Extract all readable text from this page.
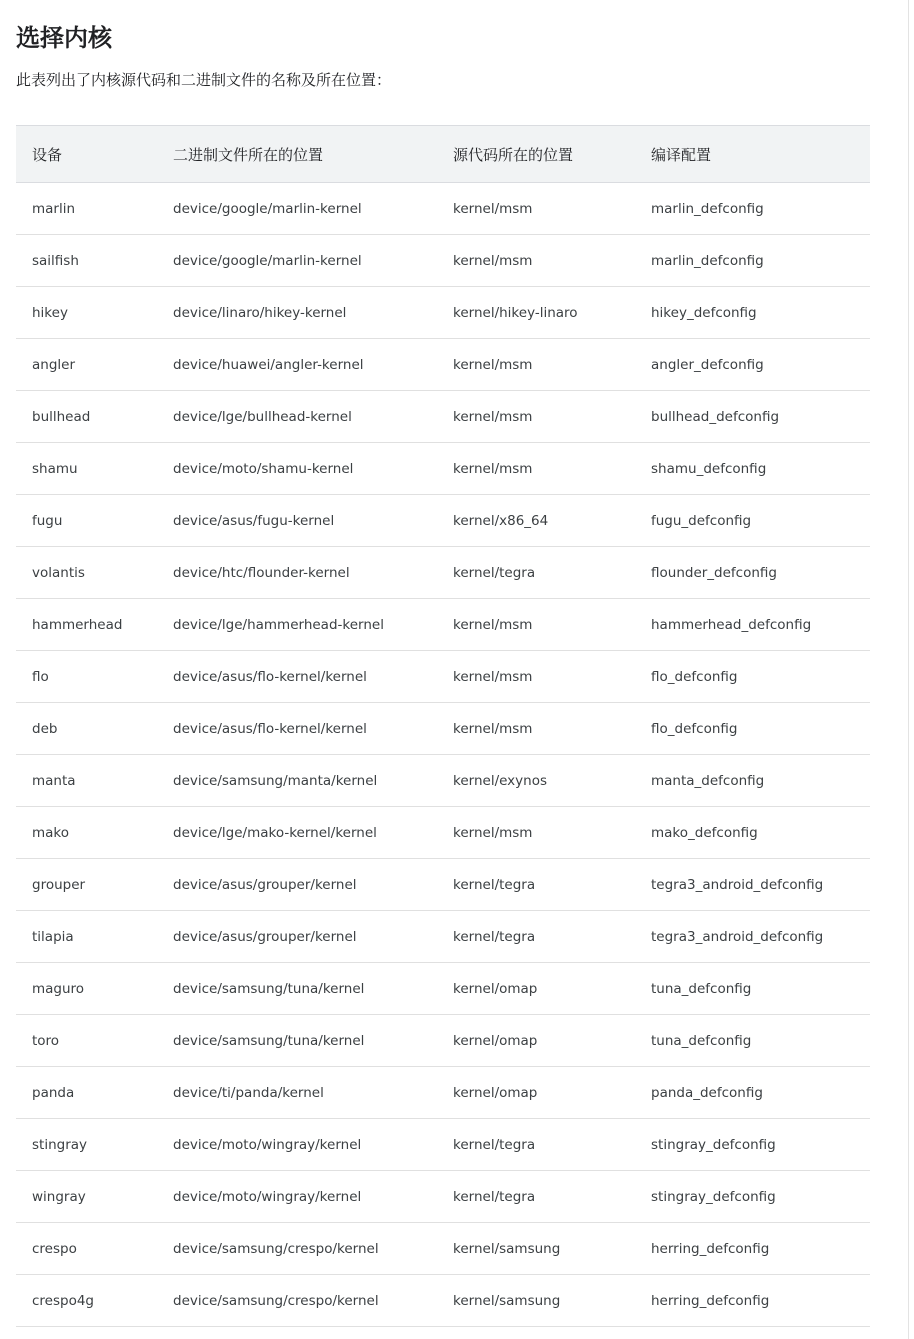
选择内核

此表列出了内核源代码和二进制文件的名称及所在位置：

设备	二进制文件所在的位置	源代码所在的位置	编译配置
marlin	device/google/marlin-kernel	kernel/msm	marlin_defconfig
sailfish	device/google/marlin-kernel	kernel/msm	marlin_defconfig
hikey	device/linaro/hikey-kernel	kernel/hikey-linaro	hikey_defconfig
angler	device/huawei/angler-kernel	kernel/msm	angler_defconfig
bullhead	device/lge/bullhead-kernel	kernel/msm	bullhead_defconfig
shamu	device/moto/shamu-kernel	kernel/msm	shamu_defconfig
fugu	device/asus/fugu-kernel	kernel/x86_64	fugu_defconfig
volantis	device/htc/flounder-kernel	kernel/tegra	flounder_defconfig
hammerhead	device/lge/hammerhead-kernel	kernel/msm	hammerhead_defconfig
flo	device/asus/flo-kernel/kernel	kernel/msm	flo_defconfig
deb	device/asus/flo-kernel/kernel	kernel/msm	flo_defconfig
manta	device/samsung/manta/kernel	kernel/exynos	manta_defconfig
mako	device/lge/mako-kernel/kernel	kernel/msm	mako_defconfig
grouper	device/asus/grouper/kernel	kernel/tegra	tegra3_android_defconfig
tilapia	device/asus/grouper/kernel	kernel/tegra	tegra3_android_defconfig
maguro	device/samsung/tuna/kernel	kernel/omap	tuna_defconfig
toro	device/samsung/tuna/kernel	kernel/omap	tuna_defconfig
panda	device/ti/panda/kernel	kernel/omap	panda_defconfig
stingray	device/moto/wingray/kernel	kernel/tegra	stingray_defconfig
wingray	device/moto/wingray/kernel	kernel/tegra	stingray_defconfig
crespo	device/samsung/crespo/kernel	kernel/samsung	herring_defconfig
crespo4g	device/samsung/crespo/kernel	kernel/samsung	herring_defconfig
